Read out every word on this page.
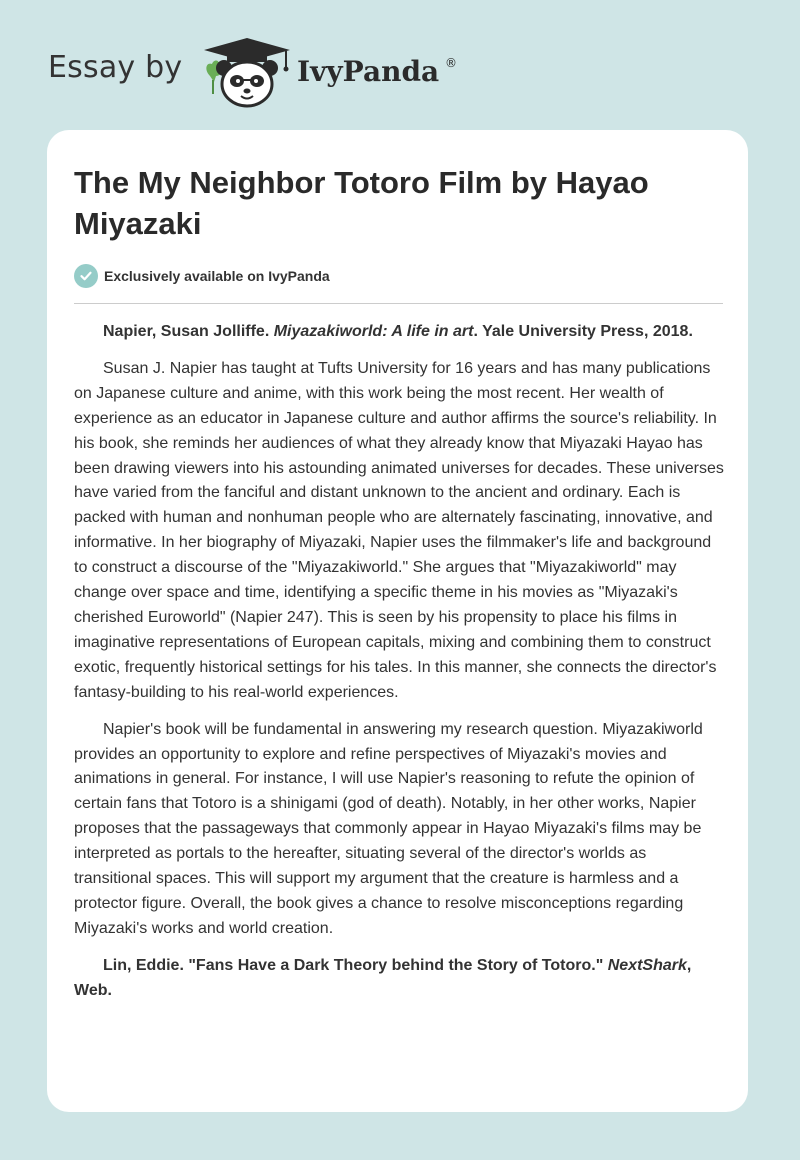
Essay by	IvyPanda ®
The My Neighbor Totoro Film by Hayao Miyazaki
Exclusively available on IvyPanda

Napier, Susan Jolliffe. Miyazakiworld: A life in art. Yale University Press, 2018.

Susan J. Napier has taught at Tufts University for 16 years and has many publications on Japanese culture and anime, with this work being the most recent. Her wealth of experience as an educator in Japanese culture and author affirms the source's reliability. In his book, she reminds her audiences of what they already know that Miyazaki Hayao has been drawing viewers into his astounding animated universes for decades. These universes have varied from the fanciful and distant unknown to the ancient and ordinary. Each is packed with human and nonhuman people who are alternately fascinating, innovative, and informative. In her biography of Miyazaki, Napier uses the filmmaker's life and background to construct a discourse of the "Miyazakiworld." She argues that "Miyazakiworld" may change over space and time, identifying a specific theme in his movies as "Miyazaki's cherished Euroworld" (Napier 247). This is seen by his propensity to place his films in imaginative representations of European capitals, mixing and combining them to construct exotic, frequently historical settings for his tales. In this manner, she connects the director's fantasy-building to his real-world experiences.

Napier's book will be fundamental in answering my research question. Miyazakiworld provides an opportunity to explore and refine perspectives of Miyazaki's movies and animations in general. For instance, I will use Napier's reasoning to refute the opinion of certain fans that Totoro is a shinigami (god of death). Notably, in her other works, Napier proposes that the passageways that commonly appear in Hayao Miyazaki's films may be interpreted as portals to the hereafter, situating several of the director's worlds as transitional spaces. This will support my argument that the creature is harmless and a protector figure. Overall, the book gives a chance to resolve misconceptions regarding Miyazaki's works and world creation.

Lin, Eddie. "Fans Have a Dark Theory behind the Story of Totoro." NextShark, Web.
